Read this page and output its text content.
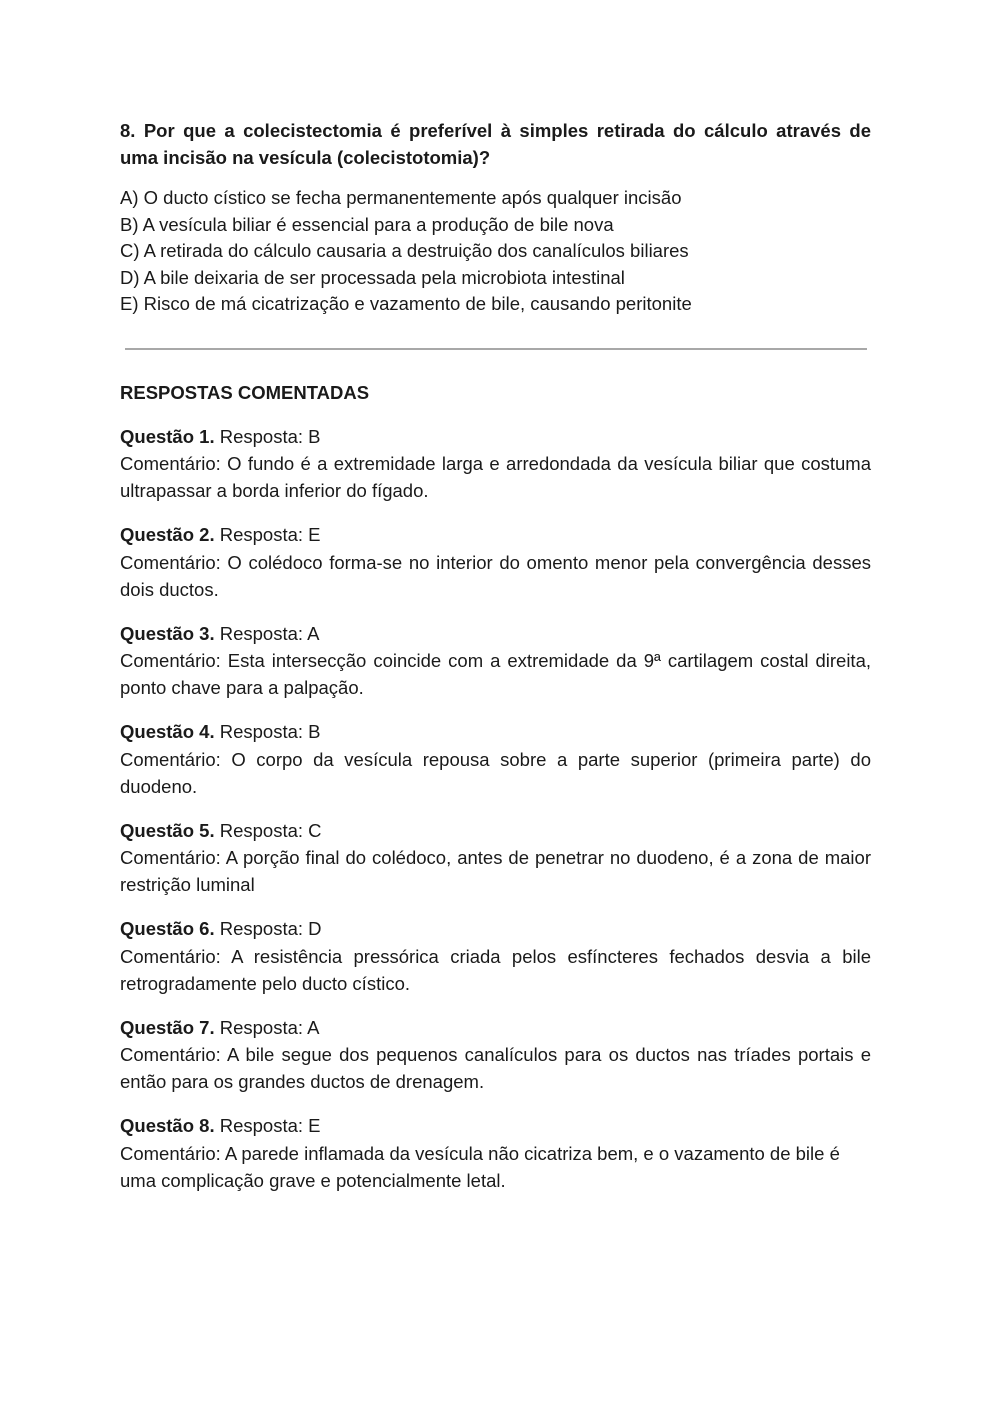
8. Por que a colecistectomia é preferível à simples retirada do cálculo através de uma incisão na vesícula (colecistotomia)?

A) O ducto cístico se fecha permanentemente após qualquer incisão
B) A vesícula biliar é essencial para a produção de bile nova
C) A retirada do cálculo causaria a destruição dos canalículos biliares
D) A bile deixaria de ser processada pela microbiota intestinal
E) Risco de má cicatrização e vazamento de bile, causando peritonite
RESPOSTAS COMENTADAS
Questão 1. Resposta: B
Comentário: O fundo é a extremidade larga e arredondada da vesícula biliar que costuma ultrapassar a borda inferior do fígado.
Questão 2. Resposta: E
Comentário: O colédoco forma-se no interior do omento menor pela convergência desses dois ductos.
Questão 3. Resposta: A
Comentário: Esta intersecção coincide com a extremidade da 9ª cartilagem costal direita, ponto chave para a palpação.
Questão 4. Resposta: B
Comentário: O corpo da vesícula repousa sobre a parte superior (primeira parte) do duodeno.
Questão 5. Resposta: C
Comentário: A porção final do colédoco, antes de penetrar no duodeno, é a zona de maior restrição luminal
Questão 6. Resposta: D
Comentário: A resistência pressórica criada pelos esfíncteres fechados desvia a bile retrogradamente pelo ducto cístico.
Questão 7. Resposta: A
Comentário: A bile segue dos pequenos canalículos para os ductos nas tríades portais e então para os grandes ductos de drenagem.
Questão 8. Resposta: E
Comentário: A parede inflamada da vesícula não cicatriza bem, e o vazamento de bile é uma complicação grave e potencialmente letal.
